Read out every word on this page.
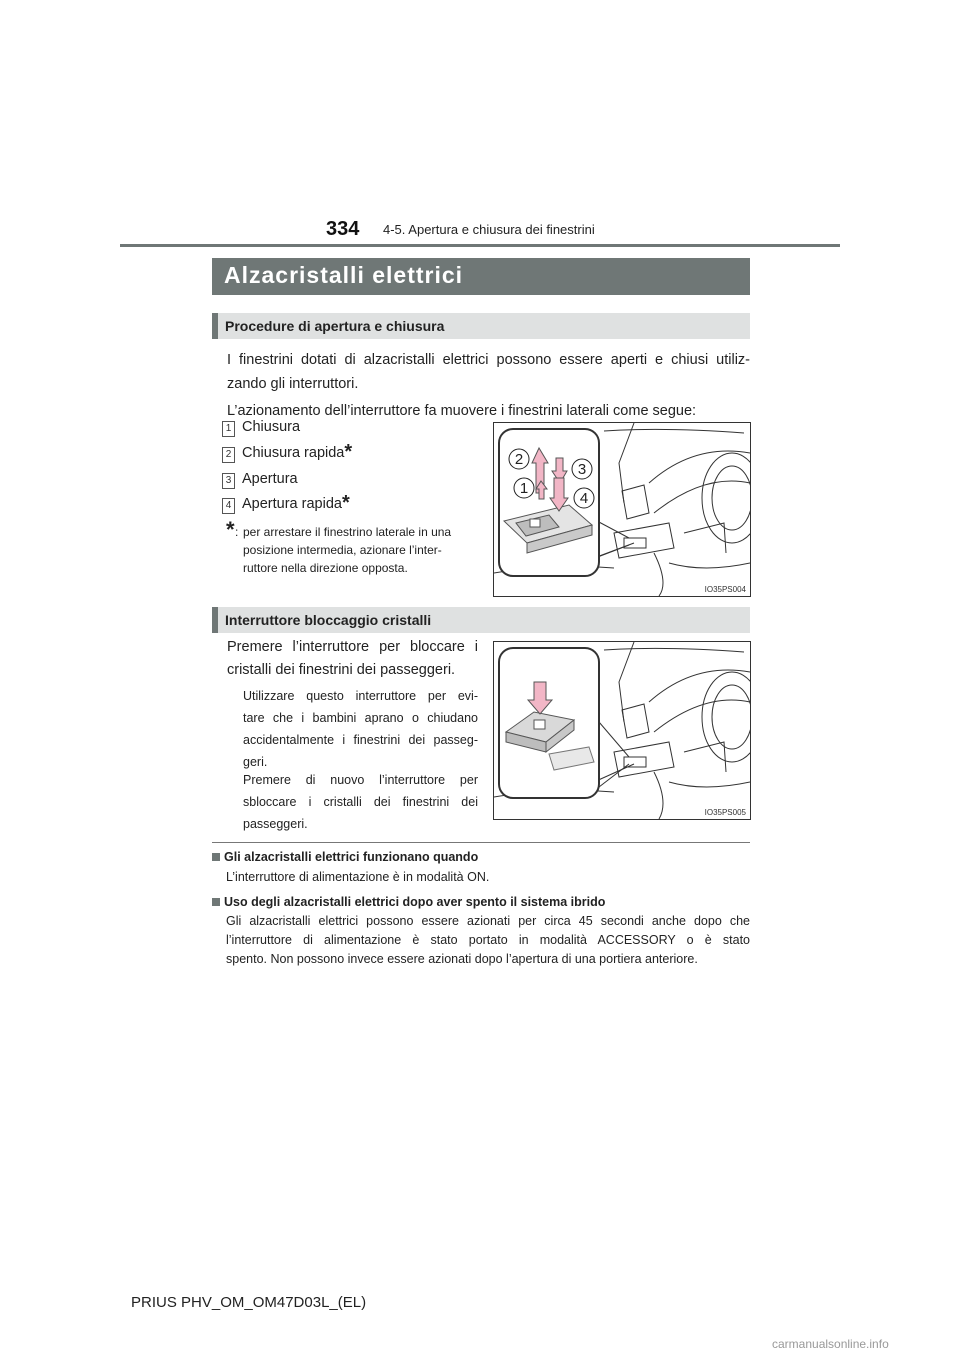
334 4-5. Apertura e chiusura dei finestrini
Alzacristalli elettrici
Procedure di apertura e chiusura
I finestrini dotati di alzacristalli elettrici possono essere aperti e chiusi utiliz-
zando gli interruttori.
L’azionamento dell’interruttore fa muovere i finestrini laterali come segue:
1 Chiusura
2 Chiusura rapida*
3 Apertura
4 Apertura rapida*
* : per arrestare il finestrino laterale in una
posizione intermedia, azionare l’inter-
ruttore nella direzione opposta.
2
3
1
4
IO35PS004
Interruttore bloccaggio cristalli
Premere l’interruttore per bloccare i
cristalli dei finestrini dei passeggeri.
Utilizzare questo interruttore per evi-
tare che i bambini aprano o chiudano
accidentalmente i finestrini dei passeg-
geri.
Premere di nuovo l’interruttore per
sbloccare i cristalli dei finestrini dei
passeggeri.
IO35PS005
Gli alzacristalli elettrici funzionano quando
L’interruttore di alimentazione è in modalità ON.
Uso degli alzacristalli elettrici dopo aver spento il sistema ibrido
Gli alzacristalli elettrici possono essere azionati per circa 45 secondi anche dopo che
l’interruttore di alimentazione è stato portato in modalità ACCESSORY o è stato
spento. Non possono invece essere azionati dopo l’apertura di una portiera anteriore.
PRIUS PHV_OM_OM47D03L_(EL)
carmanualsonline.info
